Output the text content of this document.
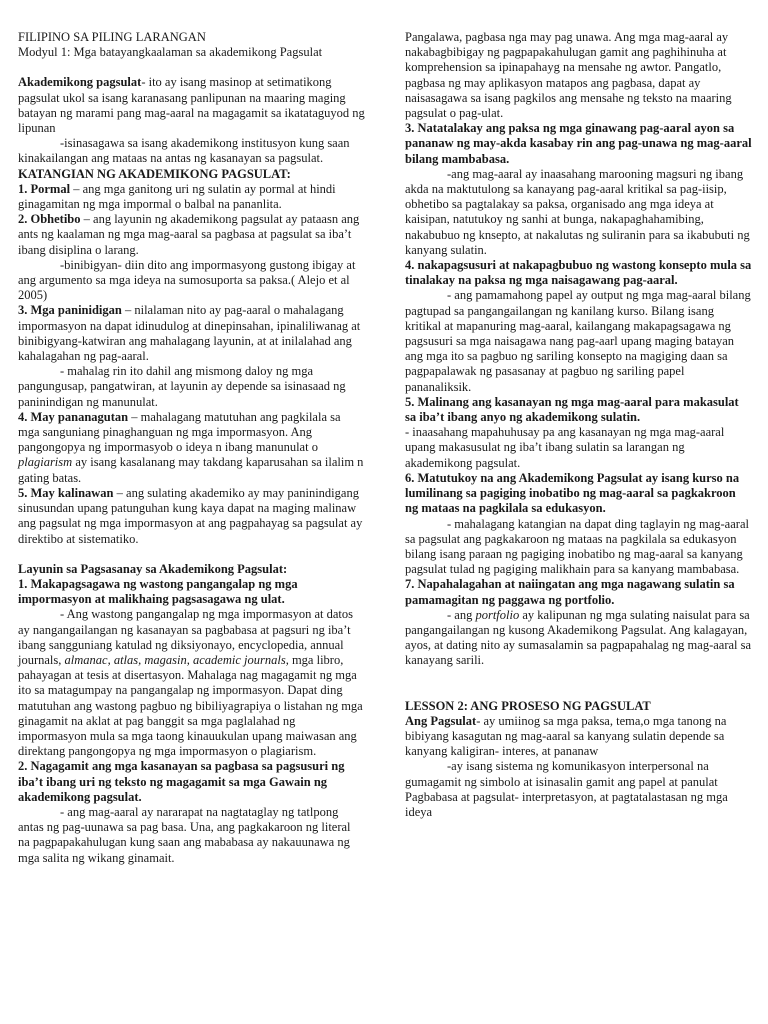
FILIPINO SA PILING LARANGAN

Modyul 1: Mga batayangkaalaman sa akademikong Pagsulat

Akademikong pagsulat- ito ay isang masinop at setimatikong pagsulat ukol sa isang karanasang panlipunan na maaring maging batayan ng marami pang mag-aaral na magagamit sa ikatataguyod ng lipunan

-isinasagawa sa isang akademikong institusyon kung saan kinakailangan ang mataas na antas ng kasanayan sa pagsulat.

KATANGIAN NG AKADEMIKONG PAGSULAT:

1. Pormal – ang mga ganitong uri ng sulatin ay pormal at hindi ginagamitan ng mga impormal o balbal na pananlita.

2. Obhetibo – ang layunin ng akademikong pagsulat ay pataasn ang ants ng kaalaman ng mga mag-aaral sa pagbasa at pagsulat sa iba’t ibang disiplina o larang.

-binibigyan- diin dito ang impormasyong gustong ibigay at ang argumento sa mga ideya na sumosuporta sa paksa.( Alejo et al 2005)

3. Mga paninidigan – nilalaman nito ay pag-aaral o mahalagang impormasyon na dapat idinudulog at dinepinsahan, ipinaliliwanag at binibigyang-katwiran ang mahalagang layunin, at at inilalahad ang kahalagahan ng pag-aaral.

- mahalag rin ito dahil ang mismong daloy ng mga pangungusap, pangatwiran, at layunin ay depende sa isinasaad ng paninindigan ng manunulat.

4. May pananagutan – mahalagang matutuhan ang pagkilala sa mga sanguniang pinaghanguan ng mga impormasyon. Ang pangongopya ng impormasyob o ideya n ibang manunulat o plagiarism ay isang kasalanang may takdang kaparusahan sa ilalim n gating batas.

5. May kalinawan – ang sulating akademiko ay may paninindigang sinusundan upang patunguhan kung kaya dapat na maging malinaw ang pagsulat ng mga impormasyon at ang pagpahayag sa pagsulat ay direktibo at sistematiko.

Layunin sa Pagsasanay sa Akademikong Pagsulat:

1. Makapagsagawa ng wastong pangangalap ng mga impormasyon at malikhaing pagsasagawa ng ulat.

- Ang wastong pangangalap ng mga impormasyon at datos ay nangangailangan ng kasanayan sa pagbabasa at pagsuri ng iba’t ibang sangguniang katulad ng diksiyonayo, encyclopedia, annual journals, almanac, atlas, magasin, academic journals, mga libro, pahayagan at tesis at disertasyon. Mahalaga nag magagamit ng mga ito sa matagumpay na pangangalap ng impormasyon. Dapat ding matutuhan ang wastong pagbuo ng bibiliyagrapiya o listahan ng mga ginagamit na aklat at pag banggit sa mga paglalahad ng impormasyon mula sa mga taong kinauukulan upang maiwasan ang direktang pangongopya ng mga impormasyon o plagiarism.

2. Nagagamit ang mga kasanayan sa pagbasa sa pagsusuri ng iba’t ibang uri ng teksto ng magagamit sa mga Gawain ng akademikong pagsulat.

- ang mag-aaral ay nararapat na nagtataglay ng tatlpong antas ng pag-uunawa sa pag basa. Una, ang pagkakaroon ng literal na pagpapakahulugan kung saan ang mababasa ay nakauunawa ng mga salita ng wikang ginamait.

Pangalawa, pagbasa nga may pag unawa. Ang mga mag-aaral ay nakabagbibigay ng pagpapakahulugan gamit ang paghihinuha at komprehension sa ipinapahayg na mensahe ng awtor. Pangatlo, pagbasa ng may aplikasyon matapos ang pagbasa, dapat ay naisasagawa sa isang pagkilos ang mensahe ng teksto na maaring pagsulat o pag-ulat.

3. Natatalakay ang paksa ng mga ginawang pag-aaral ayon sa pananaw ng may-akda kasabay rin ang pag-unawa ng mag-aaral bilang mambabasa.

-ang mag-aaral ay inaasahang marooning magsuri ng ibang akda na maktutulong sa kanayang pag-aaral kritikal sa pag-iisip, obhetibo sa pagtalakay sa paksa, organisado ang mga ideya at kaisipan, natutukoy ng sanhi at bunga, nakapaghahamibing, nakabubuo ng knsepto, at nakalutas ng suliranin para sa ikabubuti ng kanyang sulatin.

4. nakapagsusuri at nakapagbubuo ng wastong konsepto mula sa tinalakay na paksa ng mga naisagawang pag-aaral.

- ang pamamahong papel ay output ng mga mag-aaral bilang pagtupad sa pangangailangan ng kanilang kurso. Bilang isang kritikal at mapanuring mag-aaral, kailangang makapagsagawa ng pagsusuri sa mga naisagawa nang pag-aarl upang maging batayan ang mga ito sa pagbuo ng sariling konsepto na magiging daan sa pagpapalawak ng pasasanay at pagbuo ng sariling papel pananaliksik.

5. Malinang ang kasanayan ng mga mag-aaral para makasulat sa iba’t ibang anyo ng akademikong sulatin.

- inaasahang mapahuhusay pa ang kasanayan ng mga mag-aaral upang makasusulat ng iba’t ibang sulatin sa larangan ng akademikong pagsulat.

6. Matutukoy na ang Akademikong Pagsulat ay isang kurso na lumilinang sa pagiging inobatibo ng mag-aaral sa pagkakroon ng mataas na pagkilala sa edukasyon.

- mahalagang katangian na dapat ding taglayin ng mag-aaral sa pagsulat ang pagkakaroon ng mataas na pagkilala sa edukasyon bilang isang paraan ng pagiging inobatibo ng mag-aaral sa kanyang pagsulat tulad ng pagiging malikhain para sa kanyang mambabasa.

7. Napahalagahan at naiingatan ang mga nagawang sulatin sa pamamagitan ng paggawa ng portfolio.

- ang portfolio ay kalipunan ng mga sulating naisulat para sa pangangailangan ng kusong Akademikong Pagsulat. Ang kalagayan, ayos, at dating nito ay sumasalamin sa pagpapahalag ng mag-aaral sa kanayang sarili.

LESSON 2: ANG PROSESO NG PAGSULAT

Ang Pagsulat- ay umiinog sa mga paksa, tema,o mga tanong na bibiyang kasagutan ng mag-aaral sa kanyang sulatin depende sa kanyang kaligiran- interes, at pananaw

-ay isang sistema ng komunikasyon interpersonal na gumagamit ng simbolo at isinasalin gamit ang papel at panulat

Pagbabasa at pagsulat- interpretasyon, at pagtatalastasan ng mga ideya
